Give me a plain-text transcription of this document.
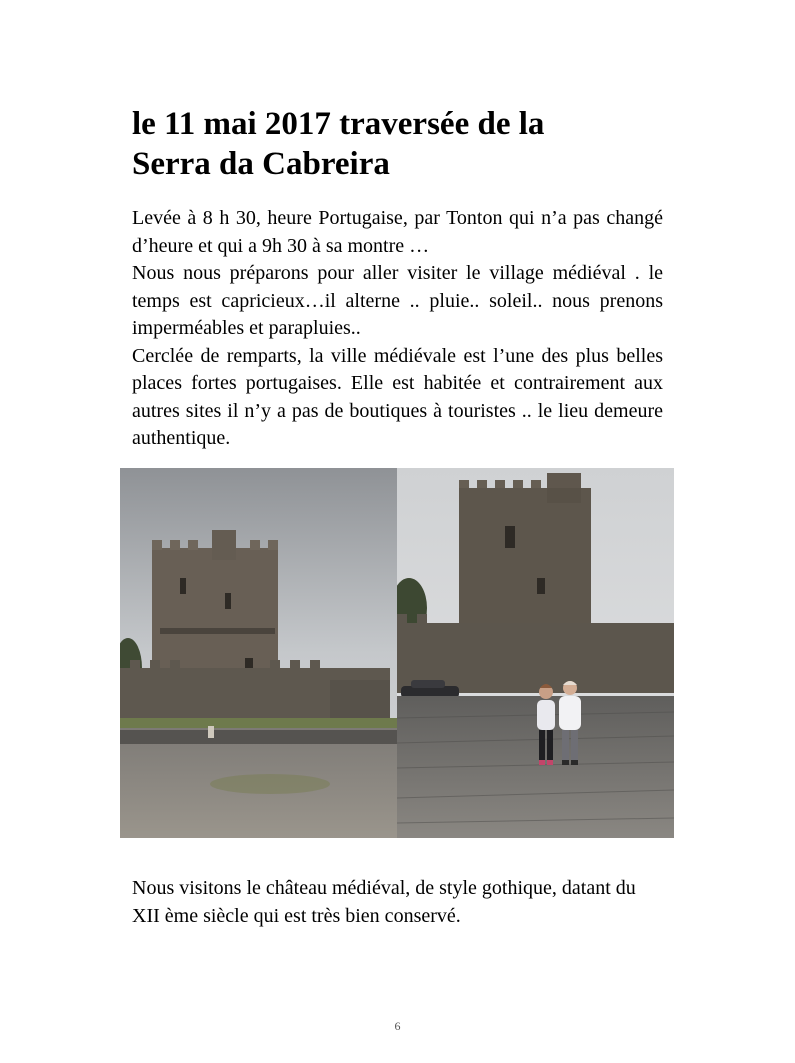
le 11 mai 2017 traversée de la
Serra da Cabreira

Levée à 8 h 30, heure Portugaise, par Tonton qui n’a pas changé d’heure et qui a 9h 30 à sa montre …

Nous nous préparons pour aller visiter le village médiéval . le temps est capricieux…il alterne .. pluie.. soleil.. nous prenons imperméables et parapluies..

Cerclée de remparts, la ville médiévale est l’une des plus belles places fortes portugaises. Elle est habitée et contrairement aux autres sites il n’y a pas de boutiques à touristes .. le lieu demeure authentique.

Nous visitons le château médiéval, de style gothique, datant du XII ème siècle qui est très bien conservé.

6
